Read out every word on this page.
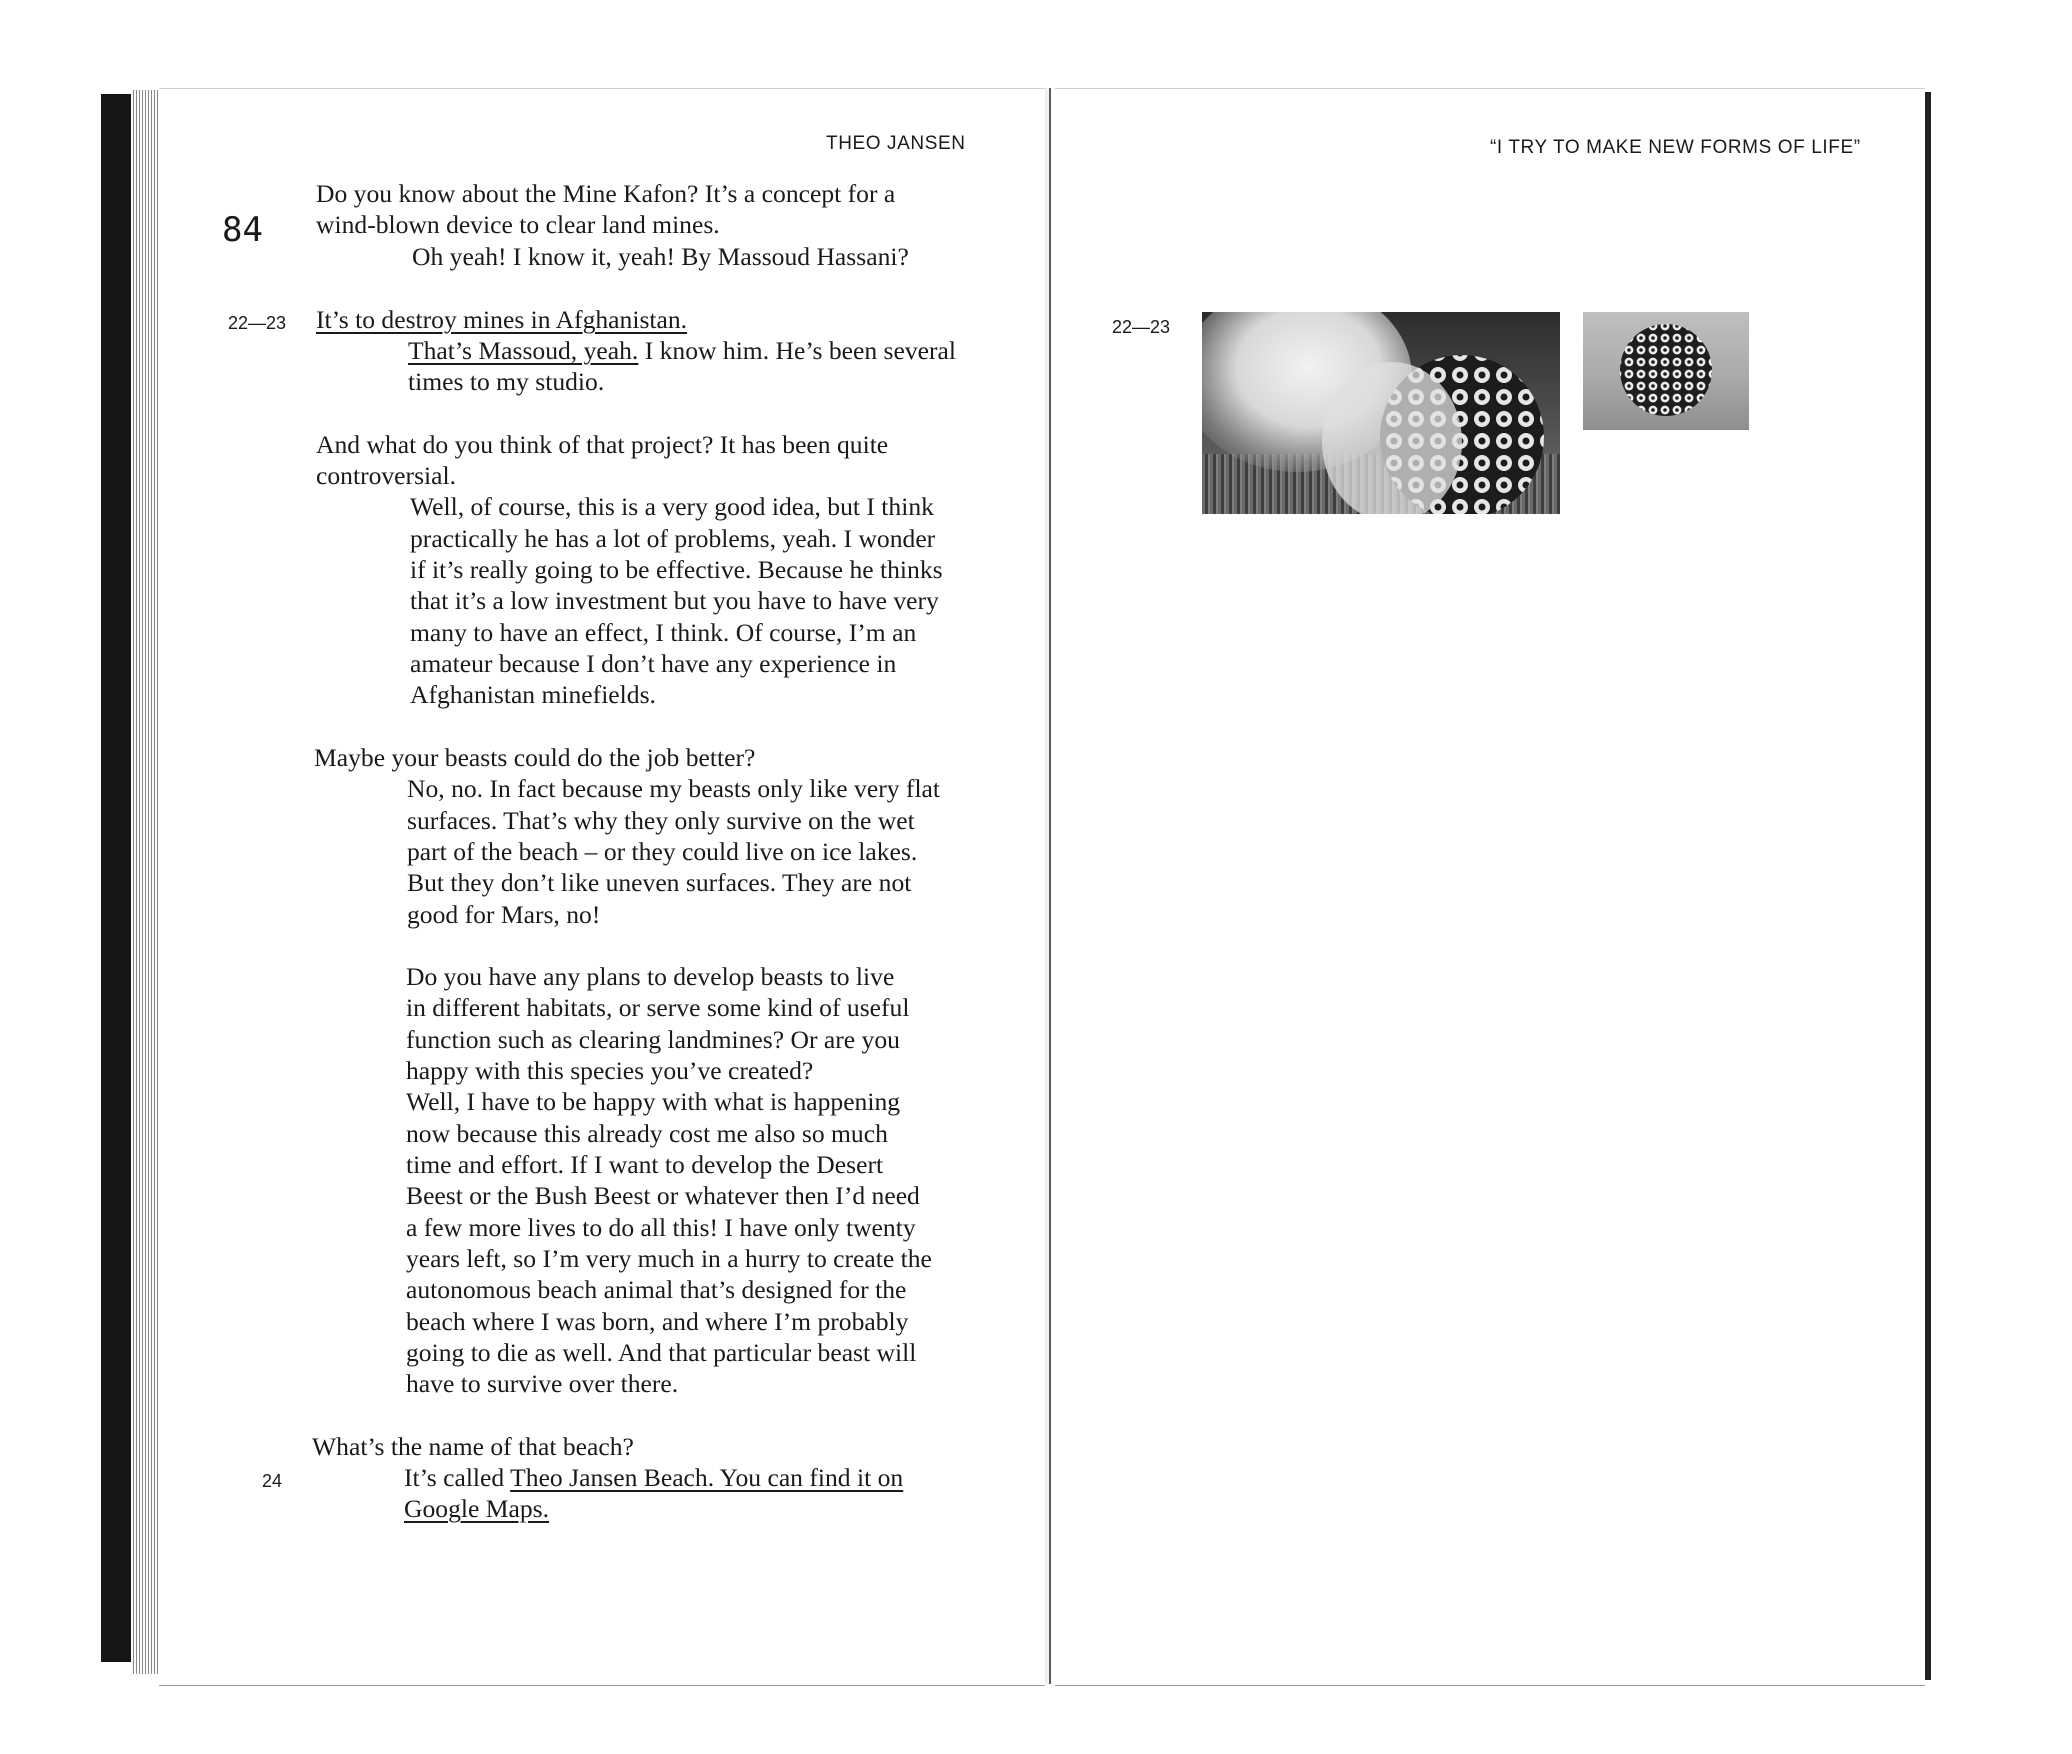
THEO JANSEN
84
22—23
24
Do you know about the Mine Kafon? It’s a concept for a
wind-blown device to clear land mines.
Oh yeah! I know it, yeah! By Massoud Hassani?
It’s to destroy mines in Afghanistan.
That’s Massoud, yeah. I know him. He’s been several
times to my studio.
And what do you think of that project? It has been quite
controversial.
Well, of course, this is a very good idea, but I think
practically he has a lot of problems, yeah. I wonder
if it’s really going to be effective. Because he thinks
that it’s a low investment but you have to have very
many to have an effect, I think. Of course, I’m an
amateur because I don’t have any experience in
Afghanistan minefields.
Maybe your beasts could do the job better?
No, no. In fact because my beasts only like very flat
surfaces. That’s why they only survive on the wet
part of the beach – or they could live on ice lakes.
But they don’t like uneven surfaces. They are not
good for Mars, no!
Do you have any plans to develop beasts to live
in different habitats, or serve some kind of useful
function such as clearing landmines? Or are you
happy with this species you’ve created?
Well, I have to be happy with what is happening
now because this already cost me also so much
time and effort. If I want to develop the Desert
Beest or the Bush Beest or whatever then I’d need
a few more lives to do all this! I have only twenty
years left, so I’m very much in a hurry to create the
autonomous beach animal that’s designed for the
beach where I was born, and where I’m probably
going to die as well. And that particular beast will
have to survive over there.
What’s the name of that beach?
It’s called Theo Jansen Beach. You can find it on
Google Maps.
“I TRY TO MAKE NEW FORMS OF LIFE”
22—23
